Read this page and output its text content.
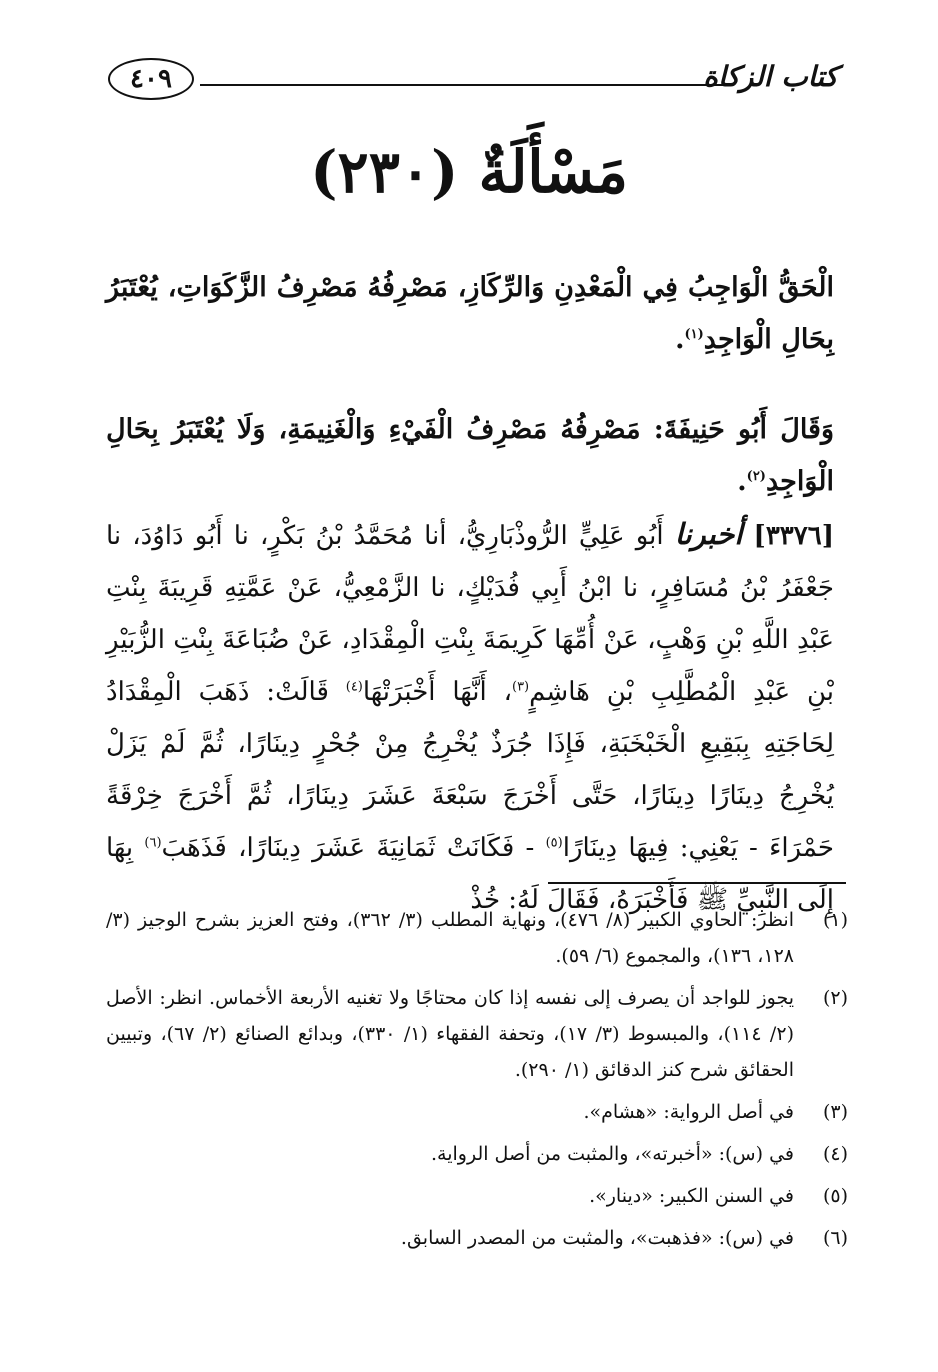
كتاب الزكاة
٤٠٩
مَسْأَلَةٌ (٢٣٠)
الْحَقُّ الْوَاجِبُ فِي الْمَعْدِنِ وَالرِّكَازِ، مَصْرِفُهُ مَصْرِفُ الزَّكَوَاتِ، يُعْتَبَرُ بِحَالِ الْوَاجِدِ$^{(١)}$.
وَقَالَ أَبُو حَنِيفَةَ: مَصْرِفُهُ مَصْرِفُ الْفَيْءِ وَالْغَنِيمَةِ، وَلَا يُعْتَبَرُ بِحَالِ الْوَاجِدِ$^{(٢)}$.
[٣٣٧٦] أخبرنا أَبُو عَلِيٍّ الرُّوذْبَارِيُّ، أنا مُحَمَّدُ بْنُ بَكْرٍ، نا أَبُو دَاوُدَ، نا جَعْفَرُ بْنُ مُسَافِرٍ، نا ابْنُ أَبِي فُدَيْكٍ، نا الزَّمْعِيُّ، عَنْ عَمَّتِهِ قَرِيبَةَ بِنْتِ عَبْدِ اللَّهِ بْنِ وَهْبٍ، عَنْ أُمِّهَا كَرِيمَةَ بِنْتِ الْمِقْدَادِ، عَنْ ضُبَاعَةَ بِنْتِ الزُّبَيْرِ بْنِ عَبْدِ الْمُطَّلِبِ بْنِ هَاشِمٍ$^{(٣)}$، أَنَّهَا أَخْبَرَتْهَا$^{(٤)}$ قَالَتْ: ذَهَبَ الْمِقْدَادُ لِحَاجَتِهِ بِبَقِيعِ الْخَبْخَبَةِ، فَإِذَا جُرَذٌ يُخْرِجُ مِنْ جُحْرٍ دِينَارًا، ثُمَّ لَمْ يَزَلْ يُخْرِجُ دِينَارًا دِينَارًا، حَتَّى أَخْرَجَ سَبْعَةَ عَشَرَ دِينَارًا، ثُمَّ أَخْرَجَ خِرْقَةً حَمْرَاءَ - يَعْنِي: فِيهَا دِينَارًا$^{(٥)}$ - فَكَانَتْ ثَمَانِيَةَ عَشَرَ دِينَارًا، فَذَهَبَ$^{(٦)}$ بِهَا إِلَى النَّبِيِّ ﷺ فَأَخْبَرَهُ، فَقَالَ لَهُ: خُذْ
(١)
انظر: الحاوي الكبير (٨/ ٤٧٦)، ونهاية المطلب (٣/ ٣٦٢)، وفتح العزيز بشرح الوجيز (٣/ ١٢٨، ١٣٦)، والمجموع (٦/ ٥٩).
(٢)
يجوز للواجد أن يصرف إلى نفسه إذا كان محتاجًا ولا تغنيه الأربعة الأخماس. انظر: الأصل (٢/ ١١٤)، والمبسوط (٣/ ١٧)، وتحفة الفقهاء (١/ ٣٣٠)، وبدائع الصنائع (٢/ ٦٧)، وتبيين الحقائق شرح كنز الدقائق (١/ ٢٩٠).
(٣)
في أصل الرواية: «هشام».
(٤)
في (س): «أخبرته»، والمثبت من أصل الرواية.
(٥)
في السنن الكبير: «دينار».
(٦)
في (س): «فذهبت»، والمثبت من المصدر السابق.
